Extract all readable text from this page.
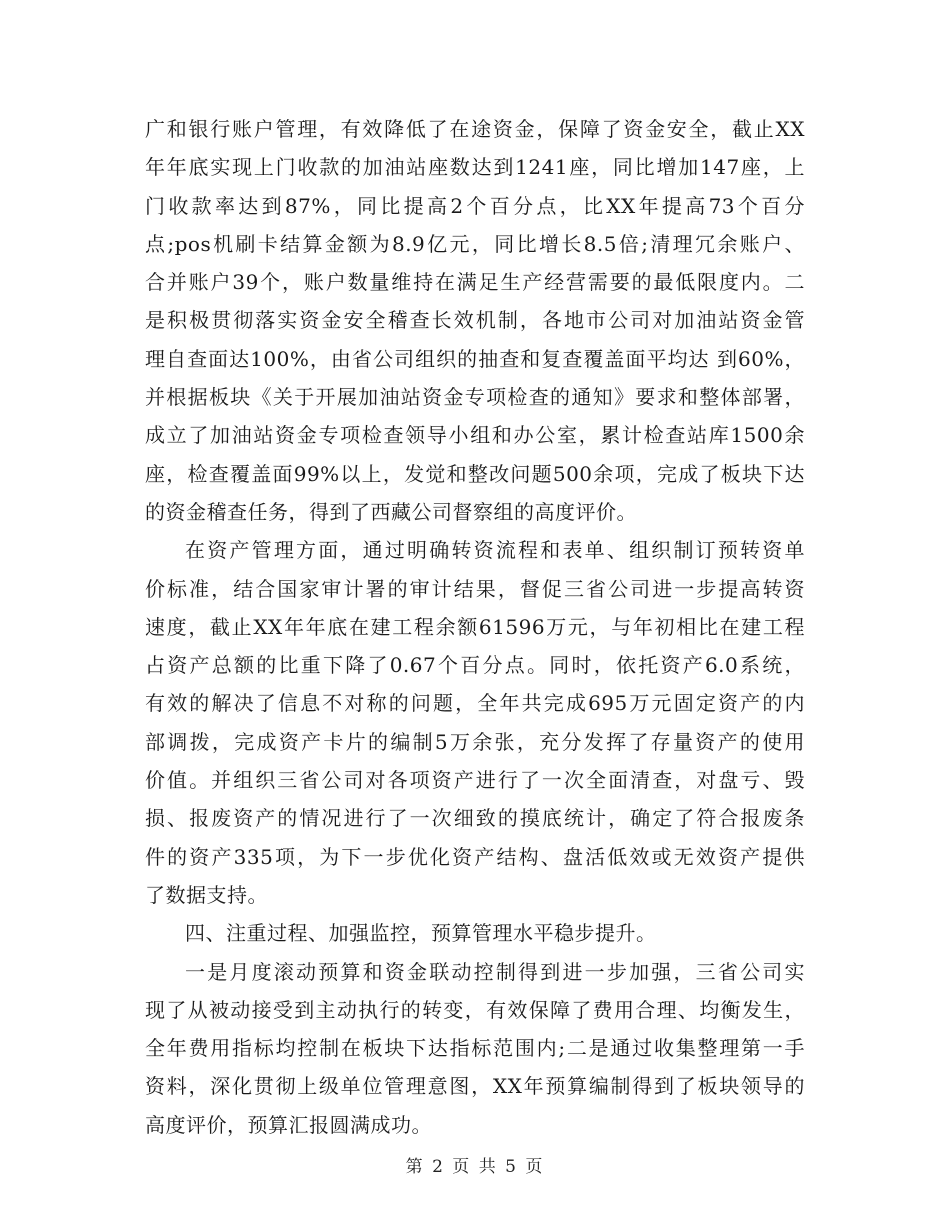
广和银行账户管理，有效降低了在途资金，保障了资金安全，截止XX
年年底实现上门收款的加油站座数达到1241座，同比增加147座，上
门收款率达到87%，同比提高2个百分点，比XX年提高73个百分
点;pos机刷卡结算金额为8.9亿元，同比增长8.5倍;清理冗余账户、
合并账户39个，账户数量维持在满足生产经营需要的最低限度内。二
是积极贯彻落实资金安全稽查长效机制，各地市公司对加油站资金管
理自查面达100%，由省公司组织的抽查和复查覆盖面平均达 到60%，
并根据板块《关于开展加油站资金专项检查的通知》要求和整体部署，
成立了加油站资金专项检查领导小组和办公室，累计检查站库1500余
座，检查覆盖面99%以上，发觉和整改问题500余项，完成了板块下达
的资金稽查任务，得到了西藏公司督察组的高度评价。
在资产管理方面，通过明确转资流程和表单、组织制订预转资单
价标准，结合国家审计署的审计结果，督促三省公司进一步提高转资
速度，截止XX年年底在建工程余额61596万元，与年初相比在建工程
占资产总额的比重下降了0.67个百分点。同时，依托资产6.0系统，
有效的解决了信息不对称的问题，全年共完成695万元固定资产的内
部调拨，完成资产卡片的编制5万余张，充分发挥了存量资产的使用
价值。并组织三省公司对各项资产进行了一次全面清查，对盘亏、毁
损、报废资产的情况进行了一次细致的摸底统计，确定了符合报废条
件的资产335项，为下一步优化资产结构、盘活低效或无效资产提供
了数据支持。
四、注重过程、加强监控，预算管理水平稳步提升。
一是月度滚动预算和资金联动控制得到进一步加强，三省公司实
现了从被动接受到主动执行的转变，有效保障了费用合理、均衡发生，
全年费用指标均控制在板块下达指标范围内;二是通过收集整理第一手
资料，深化贯彻上级单位管理意图，XX年预算编制得到了板块领导的
高度评价，预算汇报圆满成功。
第 2 页 共 5 页
